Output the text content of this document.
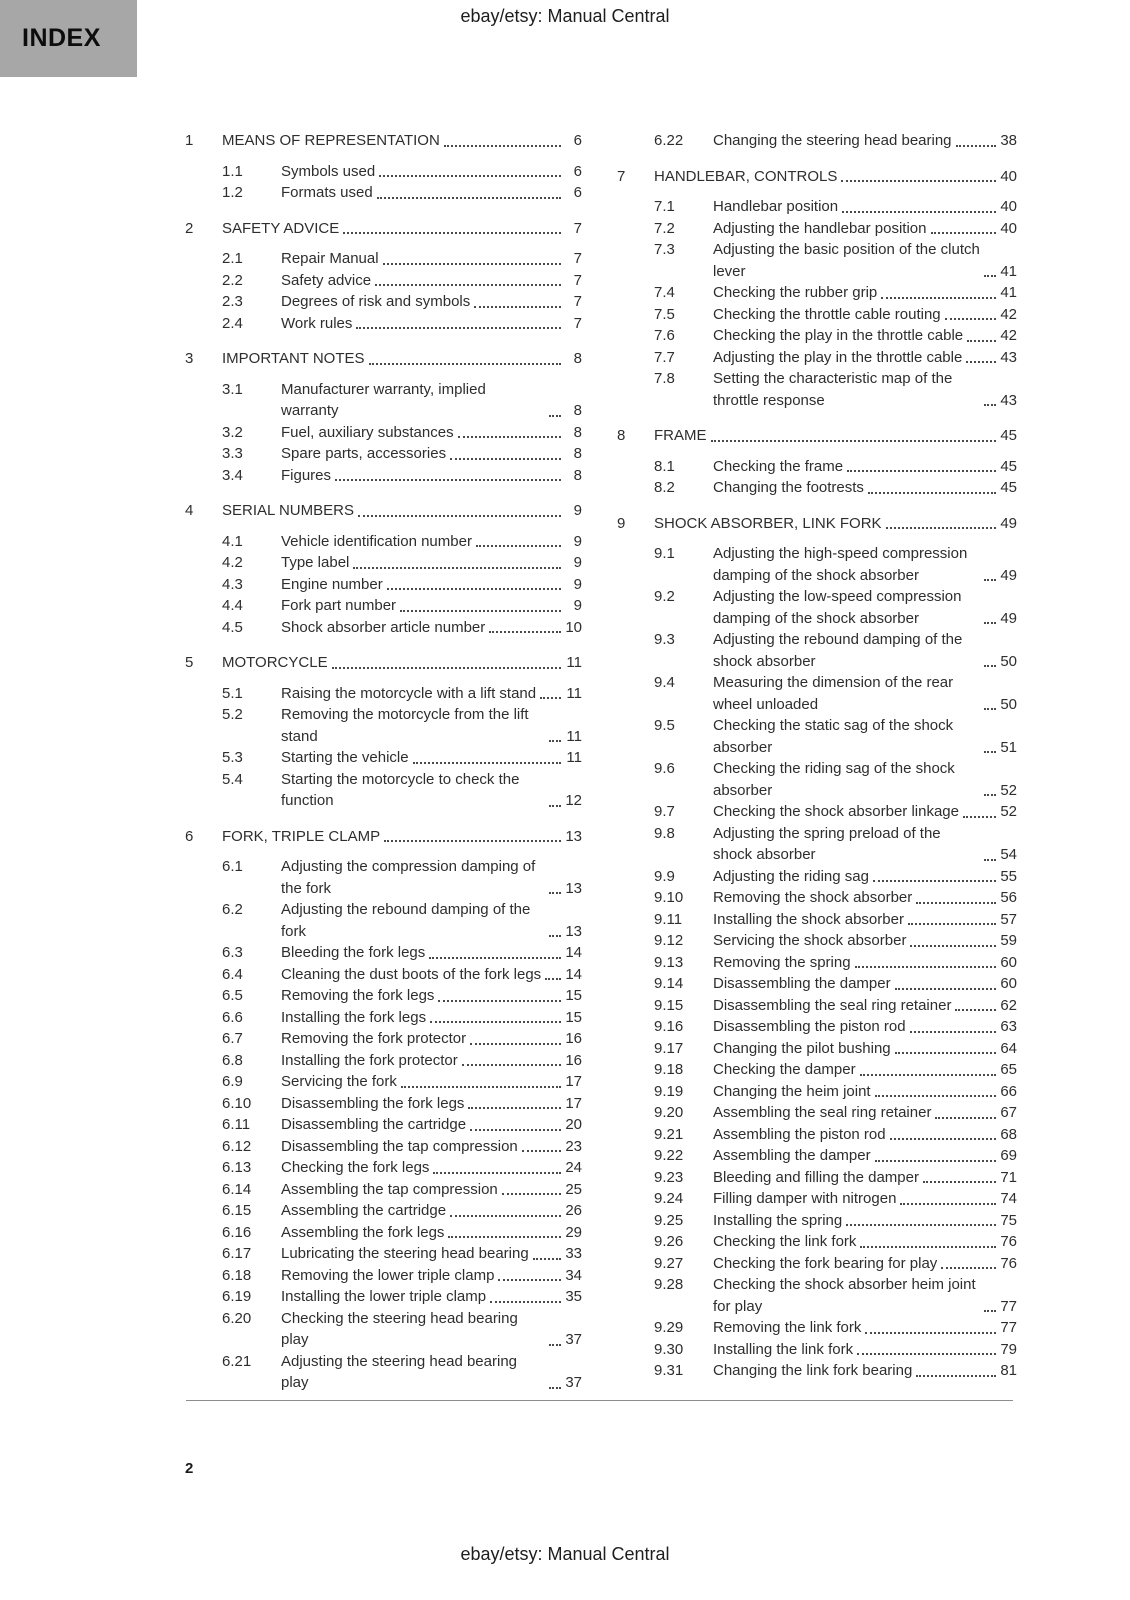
ebay/etsy: Manual Central
INDEX
1	MEANS OF REPRESENTATION	6
1.1	Symbols used	6
1.2	Formats used	6
2	SAFETY ADVICE	7
2.1	Repair Manual	7
2.2	Safety advice	7
2.3	Degrees of risk and symbols	7
2.4	Work rules	7
3	IMPORTANT NOTES	8
3.1	Manufacturer warranty, implied warranty	8
3.2	Fuel, auxiliary substances	8
3.3	Spare parts, accessories	8
3.4	Figures	8
4	SERIAL NUMBERS	9
4.1	Vehicle identification number	9
4.2	Type label	9
4.3	Engine number	9
4.4	Fork part number	9
4.5	Shock absorber article number	10
5	MOTORCYCLE	11
5.1	Raising the motorcycle with a lift stand 11
5.2	Removing the motorcycle from the lift stand	11
5.3	Starting the vehicle	11
5.4	Starting the motorcycle to check the function	12
6	FORK, TRIPLE CLAMP	13
6.1	Adjusting the compression damping of the fork	13
6.2	Adjusting the rebound damping of the fork	13
6.3	Bleeding the fork legs	14
6.4	Cleaning the dust boots of the fork legs 14
6.5	Removing the fork legs	15
6.6	Installing the fork legs	15
6.7	Removing the fork protector	16
6.8	Installing the fork protector	16
6.9	Servicing the fork	17
6.10	Disassembling the fork legs	17
6.11	Disassembling the cartridge	20
6.12	Disassembling the tap compression	23
6.13	Checking the fork legs	24
6.14	Assembling the tap compression	25
6.15	Assembling the cartridge	26
6.16	Assembling the fork legs	29
6.17	Lubricating the steering head bearing 33
6.18	Removing the lower triple clamp	34
6.19	Installing the lower triple clamp	35
6.20	Checking the steering head bearing play	37
6.21	Adjusting the steering head bearing play	37
6.22	Changing the steering head bearing	38
7	HANDLEBAR, CONTROLS	40
7.1	Handlebar position	40
7.2	Adjusting the handlebar position	40
7.3	Adjusting the basic position of the clutch lever	41
7.4	Checking the rubber grip	41
7.5	Checking the throttle cable routing	42
7.6	Checking the play in the throttle cable 42
7.7	Adjusting the play in the throttle cable	43
7.8	Setting the characteristic map of the throttle response	43
8	FRAME	45
8.1	Checking the frame	45
8.2	Changing the footrests	45
9	SHOCK ABSORBER, LINK FORK	49
9.1	Adjusting the high-speed compression damping of the shock absorber	49
9.2	Adjusting the low-speed compression damping of the shock absorber	49
9.3	Adjusting the rebound damping of the shock absorber	50
9.4	Measuring the dimension of the rear wheel unloaded	50
9.5	Checking the static sag of the shock absorber	51
9.6	Checking the riding sag of the shock absorber	52
9.7	Checking the shock absorber linkage	52
9.8	Adjusting the spring preload of the shock absorber	54
9.9	Adjusting the riding sag	55
9.10	Removing the shock absorber	56
9.11	Installing the shock absorber	57
9.12	Servicing the shock absorber	59
9.13	Removing the spring	60
9.14	Disassembling the damper	60
9.15	Disassembling the seal ring retainer	62
9.16	Disassembling the piston rod	63
9.17	Changing the pilot bushing	64
9.18	Checking the damper	65
9.19	Changing the heim joint	66
9.20	Assembling the seal ring retainer	67
9.21	Assembling the piston rod	68
9.22	Assembling the damper	69
9.23	Bleeding and filling the damper	71
9.24	Filling damper with nitrogen	74
9.25	Installing the spring	75
9.26	Checking the link fork	76
9.27	Checking the fork bearing for play	76
9.28	Checking the shock absorber heim joint for play	77
9.29	Removing the link fork	77
9.30	Installing the link fork	79
9.31	Changing the link fork bearing	81
2
ebay/etsy: Manual Central
